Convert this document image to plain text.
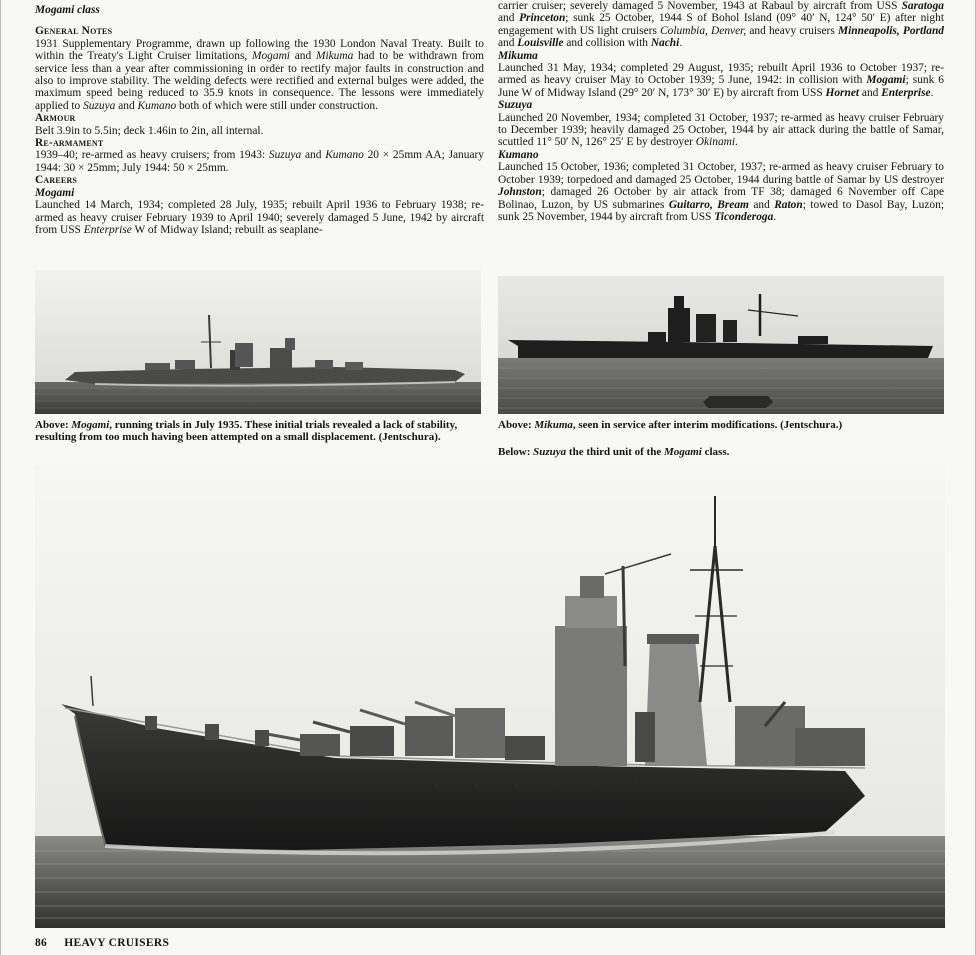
Mogami class

General Notes

1931 Supplementary Programme, drawn up following the 1930 London Naval Treaty. Built to within the Treaty's Light Cruiser limitations, Mogami and Mikuma had to be withdrawn from service less than a year after commissioning in order to rectify major faults in construction and also to improve stability. The welding defects were rectified and external bulges were added, the maximum speed being reduced to 35.9 knots in consequence. The lessons were immediately applied to Suzuya and Kumano both of which were still under construction.

Armour

Belt 3.9in to 5.5in; deck 1.46in to 2in, all internal.

Re-armament

1939–40; re-armed as heavy cruisers; from 1943: Suzuya and Kumano 20 × 25mm AA; January 1944: 30 × 25mm; July 1944: 50 × 25mm.

Careers

Mogami

Launched 14 March, 1934; completed 28 July, 1935; rebuilt April 1936 to February 1938; re-armed as heavy cruiser February 1939 to April 1940; severely damaged 5 June, 1942 by aircraft from USS Enterprise W of Midway Island; rebuilt as seaplane-

carrier cruiser; severely damaged 5 November, 1943 at Rabaul by aircraft from USS Saratoga and Princeton; sunk 25 October, 1944 S of Bohol Island (09° 40′ N, 124° 50′ E) after night engagement with US light cruisers Columbia, Denver, and heavy cruisers Minneapolis, Portland and Louisville and collision with Nachi.

Mikuma

Launched 31 May, 1934; completed 29 August, 1935; rebuilt April 1936 to October 1937; re-armed as heavy cruiser May to October 1939; 5 June, 1942: in collision with Mogami; sunk 6 June W of Midway Island (29° 20′ N, 173° 30′ E) by aircraft from USS Hornet and Enterprise.

Suzuya

Launched 20 November, 1934; completed 31 October, 1937; re-armed as heavy cruiser February to December 1939; heavily damaged 25 October, 1944 by air attack during the battle of Samar, scuttled 11° 50′ N, 126° 25′ E by destroyer Okinami.

Kumano

Launched 15 October, 1936; completed 31 October, 1937; re-armed as heavy cruiser February to October 1939; torpedoed and damaged 25 October, 1944 during battle of Samar by US destroyer Johnston; damaged 26 October by air attack from TF 38; damaged 6 November off Cape Bolinao, Luzon, by US submarines Guitarro, Bream and Raton; towed to Dasol Bay, Luzon; sunk 25 November, 1944 by aircraft from USS Ticonderoga.

Above: Mogami, running trials in July 1935. These initial trials revealed a lack of stability, resulting from too much having been attempted on a small displacement. (Jentschura).
Above: Mikuma, seen in service after interim modifications. (Jentschura.)
Below: Suzuya the third unit of the Mogami class.
86 HEAVY CRUISERS
